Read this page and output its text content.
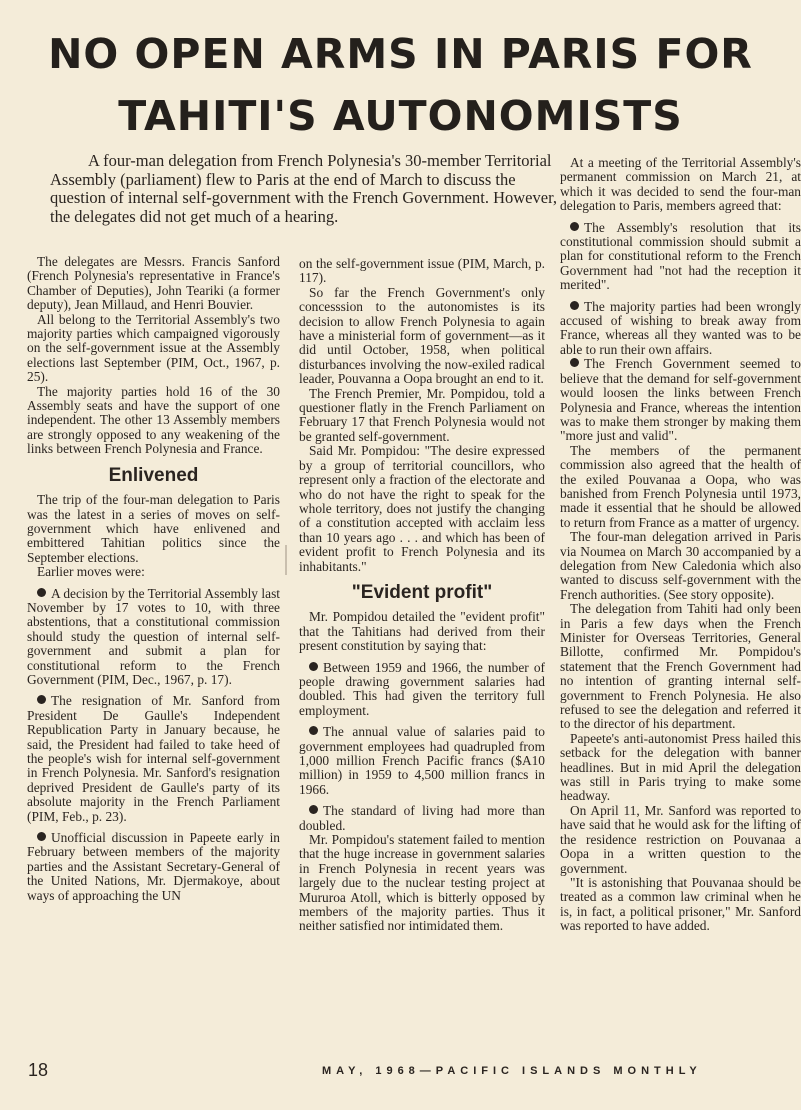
NO OPEN ARMS IN PARIS FOR
TAHITI'S AUTONOMISTS
A four-man delegation from French Polynesia's 30-member Territorial Assembly (parliament) flew to Paris at the end of March to discuss the question of internal self-government with the French Government. However, the delegates did not get much of a hearing.

The delegates are Messrs. Francis Sanford (French Polynesia's representative in France's Chamber of Deputies), John Teariki (a former deputy), Jean Millaud, and Henri Bouvier.

All belong to the Territorial Assembly's two majority parties which campaigned vigorously on the self-government issue at the Assembly elections last September (PIM, Oct., 1967, p. 25).

The majority parties hold 16 of the 30 Assembly seats and have the support of one independent. The other 13 Assembly members are strongly opposed to any weakening of the links between French Polynesia and France.

Enlivened

The trip of the four-man delegation to Paris was the latest in a series of moves on self-government which have enlivened and embittered Tahitian politics since the September elections.

Earlier moves were:

A decision by the Territorial Assembly last November by 17 votes to 10, with three abstentions, that a constitutional commission should study the question of internal self-government and submit a plan for constitutional reform to the French Government (PIM, Dec., 1967, p. 17).

The resignation of Mr. Sanford from President De Gaulle's Independent Republication Party in January because, he said, the President had failed to take heed of the people's wish for internal self-government in French Polynesia. Mr. Sanford's resignation deprived President de Gaulle's party of its absolute majority in the French Parliament (PIM, Feb., p. 23).

Unofficial discussion in Papeete early in February between members of the majority parties and the Assistant Secretary-General of the United Nations, Mr. Djermakoye, about ways of approaching the UN

on the self-government issue (PIM, March, p. 117).

So far the French Government's only concesssion to the autonomistes is its decision to allow French Polynesia to again have a ministerial form of government—as it did until October, 1958, when political disturbances involving the now-exiled radical leader, Pouvanna a Oopa brought an end to it.

The French Premier, Mr. Pompidou, told a questioner flatly in the French Parliament on February 17 that French Polynesia would not be granted self-government.

Said Mr. Pompidou: "The desire expressed by a group of territorial councillors, who represent only a fraction of the electorate and who do not have the right to speak for the whole territory, does not justify the changing of a constitution accepted with acclaim less than 10 years ago . . . and which has been of evident profit to French Polynesia and its inhabitants."

"Evident profit"

Mr. Pompidou detailed the "evident profit" that the Tahitians had derived from their present constitution by saying that:

Between 1959 and 1966, the number of people drawing government salaries had doubled. This had given the territory full employment.

The annual value of salaries paid to government employees had quadrupled from 1,000 million French Pacific francs ($A10 million) in 1959 to 4,500 million francs in 1966.

The standard of living had more than doubled.

Mr. Pompidou's statement failed to mention that the huge increase in government salaries in French Polynesia in recent years was largely due to the nuclear testing project at Mururoa Atoll, which is bitterly opposed by members of the majority parties. Thus it neither satisfied nor intimidated them.

At a meeting of the Territorial Assembly's permanent commission on March 21, at which it was decided to send the four-man delegation to Paris, members agreed that:

The Assembly's resolution that its constitutional commission should submit a plan for constitutional reform to the French Government had "not had the reception it merited".

The majority parties had been wrongly accused of wishing to break away from France, whereas all they wanted was to be able to run their own affairs.

The French Government seemed to believe that the demand for self-government would loosen the links between French Polynesia and France, whereas the intention was to make them stronger by making them "more just and valid".

The members of the permanent commission also agreed that the health of the exiled Pouvanaa a Oopa, who was banished from French Polynesia until 1973, made it essential that he should be allowed to return from France as a matter of urgency.

The four-man delegation arrived in Paris via Noumea on March 30 accompanied by a delegation from New Caledonia which also wanted to discuss self-government with the French authorities. (See story opposite).

The delegation from Tahiti had only been in Paris a few days when the French Minister for Overseas Territories, General Billotte, confirmed Mr. Pompidou's statement that the French Government had no intention of granting internal self-government to French Polynesia. He also refused to see the delegation and referred it to the director of his department.

Papeete's anti-autonomist Press hailed this setback for the delegation with banner headlines. But in mid April the delegation was still in Paris trying to make some headway.

On April 11, Mr. Sanford was reported to have said that he would ask for the lifting of the residence restriction on Pouvanaa a Oopa in a written question to the government.

"It is astonishing that Pouvanaa should be treated as a common law criminal when he is, in fact, a political prisoner," Mr. Sanford was reported to have added.

18	MAY, 1968—PACIFIC ISLANDS MONTHLY
